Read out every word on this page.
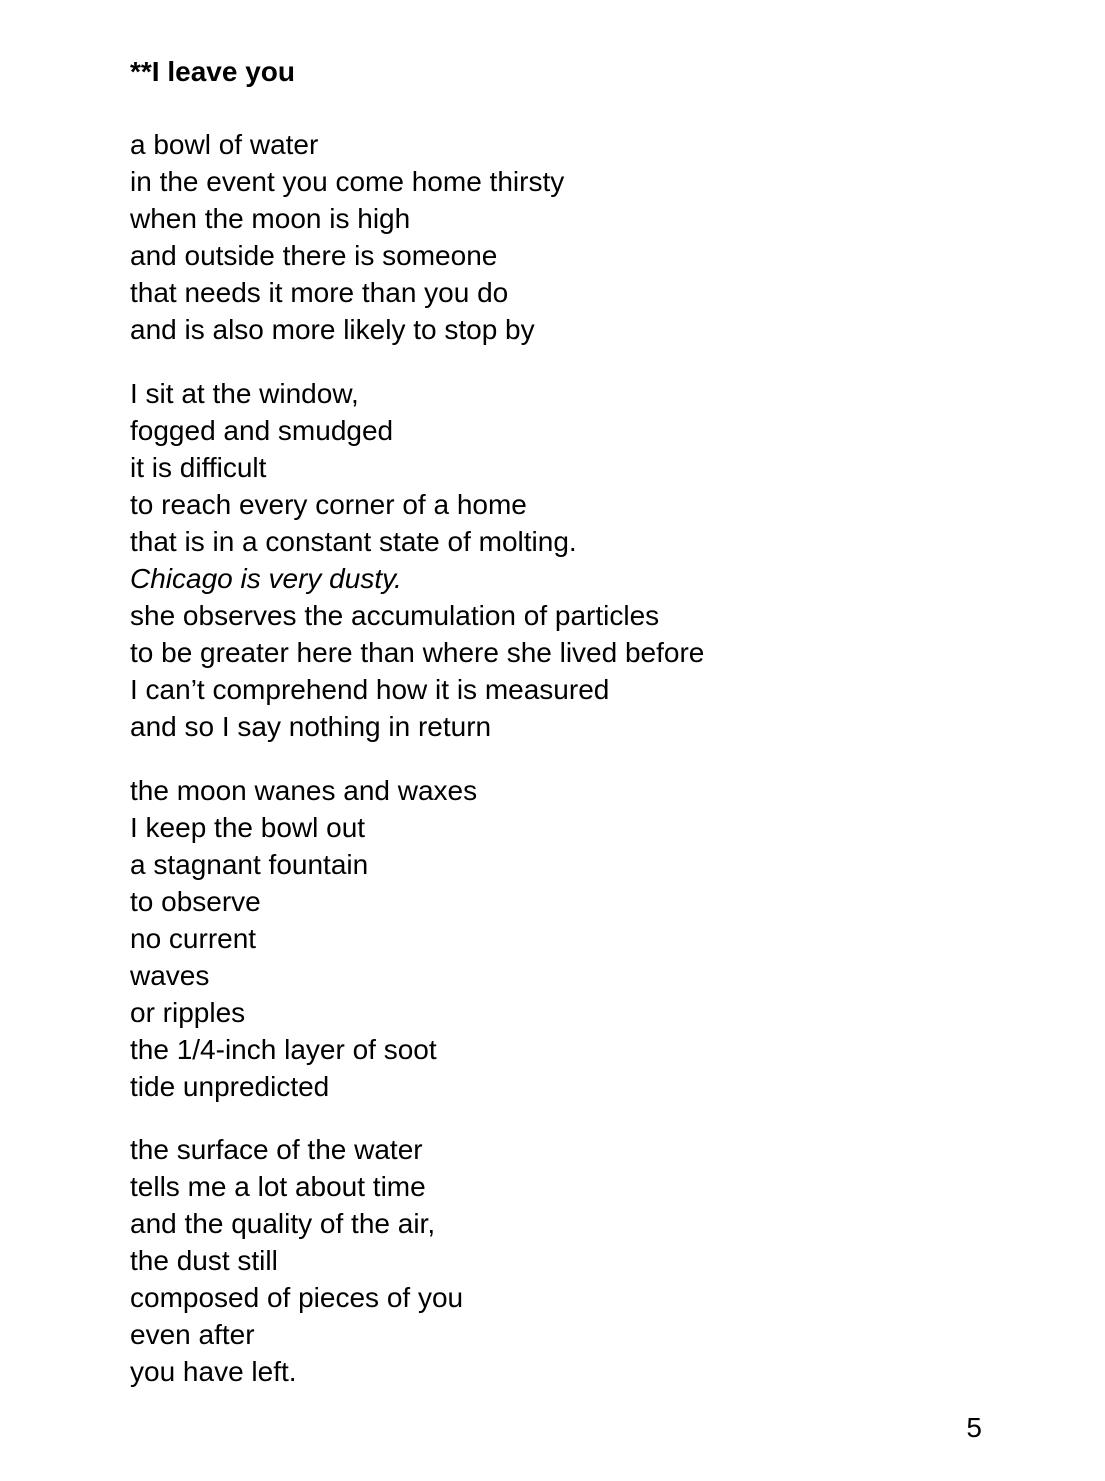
**I leave you
a bowl of water
in the event you come home thirsty
when the moon is high
and outside there is someone
that needs it more than you do
and is also more likely to stop by
I sit at the window,
fogged and smudged
it is difficult
to reach every corner of a home
that is in a constant state of molting.
Chicago is very dusty.
she observes the accumulation of particles
to be greater here than where she lived before
I can’t comprehend how it is measured
and so I say nothing in return
the moon wanes and waxes
I keep the bowl out
a stagnant fountain
to observe
no current
waves
or ripples
the 1/4-inch layer of soot
tide unpredicted
the surface of the water
tells me a lot about time
and the quality of the air,
the dust still
composed of pieces of you
even after
you have left.
5
